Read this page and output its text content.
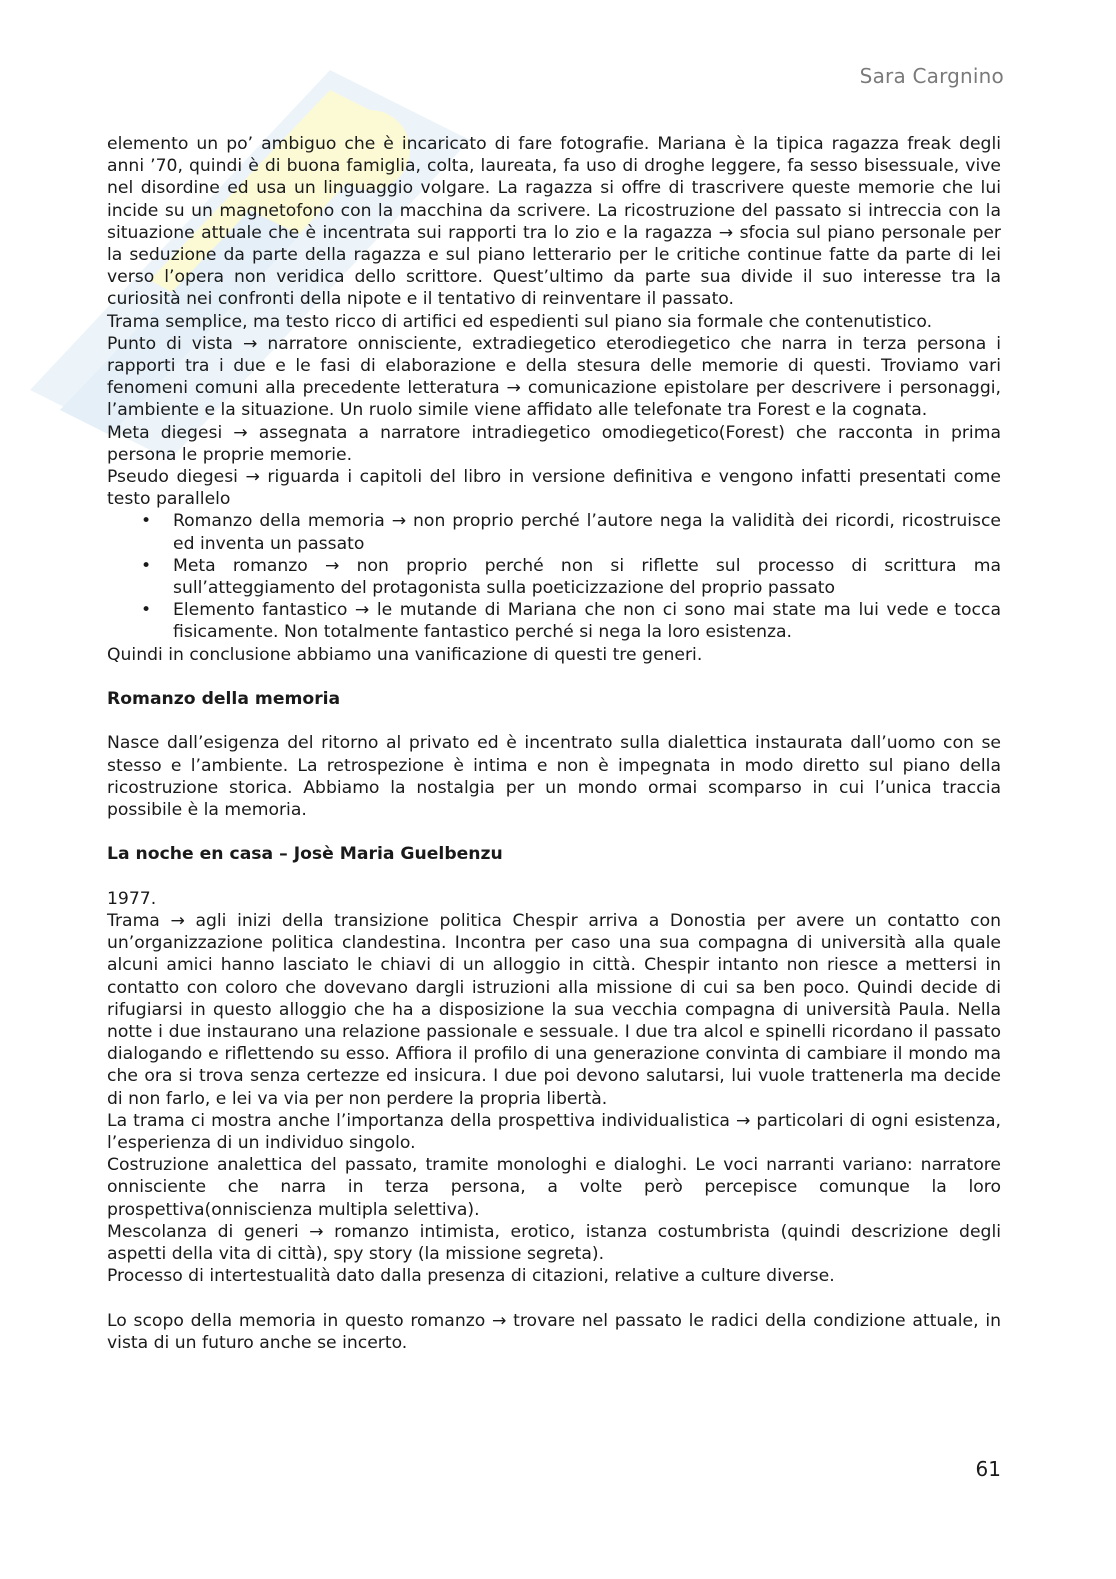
Sara Cargnino

elemento un po’ ambiguo che è incaricato di fare fotografie. Mariana è la tipica ragazza freak degli anni ’70, quindi è di buona famiglia, colta, laureata, fa uso di droghe leggere, fa sesso bisessuale, vive nel disordine ed usa un linguaggio volgare. La ragazza si offre di trascrivere queste memorie che lui incide su un magnetofono con la macchina da scrivere. La ricostruzione del passato si intreccia con la situazione attuale che è incentrata sui rapporti tra lo zio e la ragazza → sfocia sul piano personale per la seduzione da parte della ragazza e sul piano letterario per le critiche continue fatte da parte di lei verso l’opera non veridica dello scrittore. Quest’ultimo da parte sua divide il suo interesse tra la curiosità nei confronti della nipote e il tentativo di reinventare il passato.

Trama semplice, ma testo ricco di artifici ed espedienti sul piano sia formale che contenutistico.

Punto di vista → narratore onnisciente, extradiegetico eterodiegetico che narra in terza persona i rapporti tra i due e le fasi di elaborazione e della stesura delle memorie di questi. Troviamo vari fenomeni comuni alla precedente letteratura → comunicazione epistolare per descrivere i personaggi, l’ambiente e la situazione. Un ruolo simile viene affidato alle telefonate tra Forest e la cognata.

Meta diegesi → assegnata a narratore intradiegetico omodiegetico(Forest) che racconta in prima persona le proprie memorie.

Pseudo diegesi → riguarda i capitoli del libro in versione definitiva e vengono infatti presentati come testo parallelo

• Romanzo della memoria → non proprio perché l’autore nega la validità dei ricordi, ricostruisce ed inventa un passato
• Meta romanzo → non proprio perché non si riflette sul processo di scrittura ma sull’atteggiamento del protagonista sulla poeticizzazione del proprio passato
• Elemento fantastico → le mutande di Mariana che non ci sono mai state ma lui vede e tocca fisicamente. Non totalmente fantastico perché si nega la loro esistenza.

Quindi in conclusione abbiamo una vanificazione di questi tre generi.

Romanzo della memoria

Nasce dall’esigenza del ritorno al privato ed è incentrato sulla dialettica instaurata dall’uomo con se stesso e l’ambiente. La retrospezione è intima e non è impegnata in modo diretto sul piano della ricostruzione storica. Abbiamo la nostalgia per un mondo ormai scomparso in cui l’unica traccia possibile è la memoria.

La noche en casa – Josè Maria Guelbenzu

1977.

Trama → agli inizi della transizione politica Chespir arriva a Donostia per avere un contatto con un’organizzazione politica clandestina. Incontra per caso una sua compagna di università alla quale alcuni amici hanno lasciato le chiavi di un alloggio in città. Chespir intanto non riesce a mettersi in contatto con coloro che dovevano dargli istruzioni alla missione di cui sa ben poco. Quindi decide di rifugiarsi in questo alloggio che ha a disposizione la sua vecchia compagna di università Paula. Nella notte i due instaurano una relazione passionale e sessuale. I due tra alcol e spinelli ricordano il passato dialogando e riflettendo su esso. Affiora il profilo di una generazione convinta di cambiare il mondo ma che ora si trova senza certezze ed insicura. I due poi devono salutarsi, lui vuole trattenerla ma decide di non farlo, e lei va via per non perdere la propria libertà.

La trama ci mostra anche l’importanza della prospettiva individualistica → particolari di ogni esistenza, l’esperienza di un individuo singolo.

Costruzione analettica del passato, tramite monologhi e dialoghi. Le voci narranti variano: narratore onnisciente che narra in terza persona, a volte però percepisce comunque la loro prospettiva(onniscienza multipla selettiva).

Mescolanza di generi → romanzo intimista, erotico, istanza costumbrista (quindi descrizione degli aspetti della vita di città), spy story (la missione segreta).

Processo di intertestualità dato dalla presenza di citazioni, relative a culture diverse.

Lo scopo della memoria in questo romanzo → trovare nel passato le radici della condizione attuale, in vista di un futuro anche se incerto.

61
